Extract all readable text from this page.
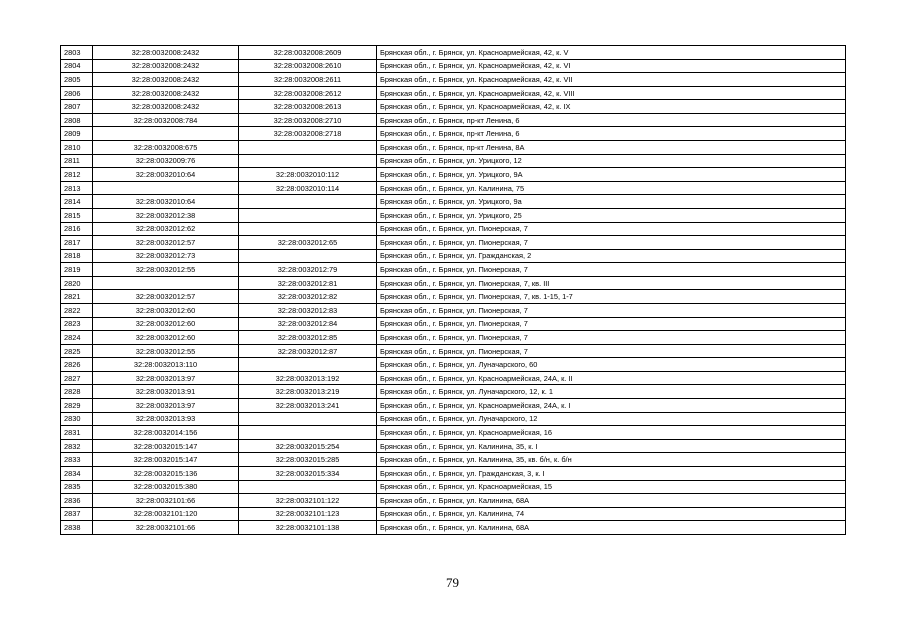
2803	32:28:0032008:2432	32:28:0032008:2609	Брянская обл., г. Брянск, ул. Красноармейская, 42, к. V
2804	32:28:0032008:2432	32:28:0032008:2610	Брянская обл., г. Брянск, ул. Красноармейская, 42, к. VI
2805	32:28:0032008:2432	32:28:0032008:2611	Брянская обл., г. Брянск, ул. Красноармейская, 42, к. VII
2806	32:28:0032008:2432	32:28:0032008:2612	Брянская обл., г. Брянск, ул. Красноармейская, 42, к. VIII
2807	32:28:0032008:2432	32:28:0032008:2613	Брянская обл., г. Брянск, ул. Красноармейская, 42, к. IX
2808	32:28:0032008:784	32:28:0032008:2710	Брянская обл., г. Брянск, пр-кт Ленина, 6
2809		32:28:0032008:2718	Брянская обл., г. Брянск, пр-кт Ленина, 6
2810	32:28:0032008:675		Брянская обл., г. Брянск, пр-кт Ленина, 8А
2811	32:28:0032009:76		Брянская обл., г. Брянск, ул. Урицкого, 12
2812	32:28:0032010:64	32:28:0032010:112	Брянская обл., г. Брянск, ул. Урицкого, 9А
2813		32:28:0032010:114	Брянская обл., г. Брянск, ул. Калинина, 75
2814	32:28:0032010:64		Брянская обл., г. Брянск, ул. Урицкого, 9а
2815	32:28:0032012:38		Брянская обл., г. Брянск, ул. Урицкого, 25
2816	32:28:0032012:62		Брянская обл., г. Брянск, ул. Пионерская, 7
2817	32:28:0032012:57	32:28:0032012:65	Брянская обл., г. Брянск, ул. Пионерская, 7
2818	32:28:0032012:73		Брянская обл., г. Брянск, ул. Гражданская, 2
2819	32:28:0032012:55	32:28:0032012:79	Брянская обл., г. Брянск, ул. Пионерская, 7
2820		32:28:0032012:81	Брянская обл., г. Брянск, ул. Пионерская, 7, кв. III
2821	32:28:0032012:57	32:28:0032012:82	Брянская обл., г. Брянск, ул. Пионерская, 7, кв. 1-15, 1-7
2822	32:28:0032012:60	32:28:0032012:83	Брянская обл., г. Брянск, ул. Пионерская, 7
2823	32:28:0032012:60	32:28:0032012:84	Брянская обл., г. Брянск, ул. Пионерская, 7
2824	32:28:0032012:60	32:28:0032012:85	Брянская обл., г. Брянск, ул. Пионерская, 7
2825	32:28:0032012:55	32:28:0032012:87	Брянская обл., г. Брянск, ул. Пионерская, 7
2826	32:28:0032013:110		Брянская обл., г. Брянск, ул. Луначарского, 60
2827	32:28:0032013:97	32:28:0032013:192	Брянская обл., г. Брянск, ул. Красноармейская, 24А, к. II
2828	32:28:0032013:91	32:28:0032013:219	Брянская обл., г. Брянск, ул. Луначарского, 12, к. 1
2829	32:28:0032013:97	32:28:0032013:241	Брянская обл., г. Брянск, ул. Красноармейская, 24А, к. I
2830	32:28:0032013:93		Брянская обл., г. Брянск, ул. Луначарского, 12
2831	32:28:0032014:156		Брянская обл., г. Брянск, ул. Красноармейская, 16
2832	32:28:0032015:147	32:28:0032015:254	Брянская обл., г. Брянск, ул. Калинина, 35, к. I
2833	32:28:0032015:147	32:28:0032015:285	Брянская обл., г. Брянск, ул. Калинина, 35, кв. б/н, к. б/н
2834	32:28:0032015:136	32:28:0032015:334	Брянская обл., г. Брянск, ул. Гражданская, 3, к. I
2835	32:28:0032015:380		Брянская обл., г. Брянск, ул. Красноармейская, 15
2836	32:28:0032101:66	32:28:0032101:122	Брянская обл., г. Брянск, ул. Калинина, 68А
2837	32:28:0032101:120	32:28:0032101:123	Брянская обл., г. Брянск, ул. Калинина, 74
2838	32:28:0032101:66	32:28:0032101:138	Брянская обл., г. Брянск, ул. Калинина, 68А
79
